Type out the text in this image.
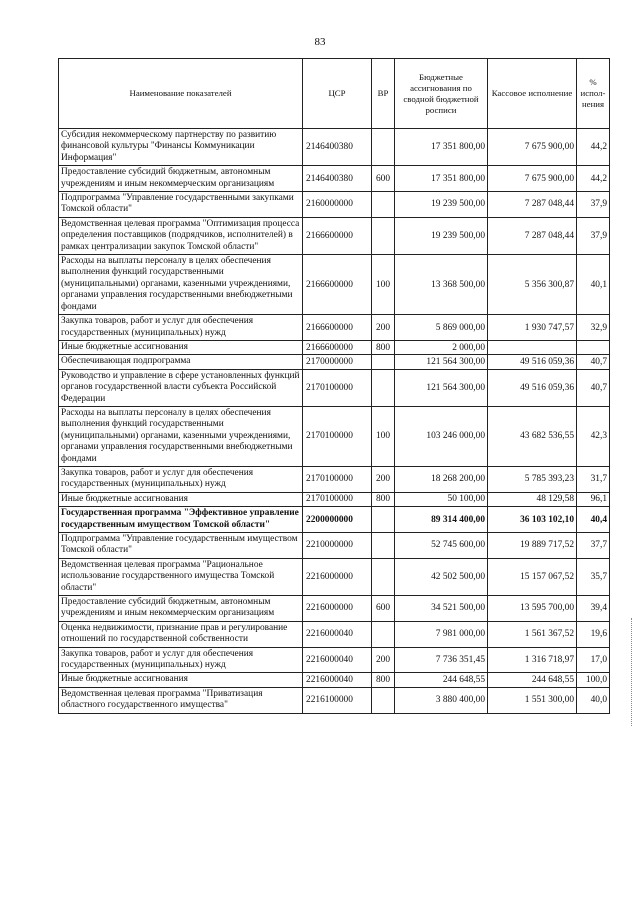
83
Наименование показателей	ЦСР	ВР	Бюджетные ассигнования по сводной бюджетной росписи	Кассовое исполнение	% испол-нения
Субсидия некоммерческому партнерству по развитию финансовой культуры "Финансы Коммуникации Информация"	2146400380		17 351 800,00	7 675 900,00	44,2
Предоставление субсидий бюджетным, автономным учреждениям и иным некоммерческим организациям	2146400380	600	17 351 800,00	7 675 900,00	44,2
Подпрограмма "Управление государственными закупками Томской области"	2160000000		19 239 500,00	7 287 048,44	37,9
Ведомственная целевая программа "Оптимизация процесса определения поставщиков (подрядчиков, исполнителей) в рамках централизации закупок Томской области"	2166600000		19 239 500,00	7 287 048,44	37,9
Расходы на выплаты персоналу в целях обеспечения выполнения функций государственными (муниципальными) органами, казенными учреждениями, органами управления государственными внебюджетными фондами	2166600000	100	13 368 500,00	5 356 300,87	40,1
Закупка товаров, работ и услуг для обеспечения государственных (муниципальных) нужд	2166600000	200	5 869 000,00	1 930 747,57	32,9
Иные бюджетные ассигнования	2166600000	800	2 000,00		
Обеспечивающая подпрограмма	2170000000		121 564 300,00	49 516 059,36	40,7
Руководство и управление в сфере установленных функций органов государственной власти субъекта Российской Федерации	2170100000		121 564 300,00	49 516 059,36	40,7
Расходы на выплаты персоналу в целях обеспечения выполнения функций государственными (муниципальными) органами, казенными учреждениями, органами управления государственными внебюджетными фондами	2170100000	100	103 246 000,00	43 682 536,55	42,3
Закупка товаров, работ и услуг для обеспечения государственных (муниципальных) нужд	2170100000	200	18 268 200,00	5 785 393,23	31,7
Иные бюджетные ассигнования	2170100000	800	50 100,00	48 129,58	96,1
Государственная программа "Эффективное управление государственным имуществом Томской области"	2200000000		89 314 400,00	36 103 102,10	40,4
Подпрограмма "Управление государственным имуществом Томской области"	2210000000		52 745 600,00	19 889 717,52	37,7
Ведомственная целевая программа "Рациональное использование государственного имущества Томской области"	2216000000		42 502 500,00	15 157 067,52	35,7
Предоставление субсидий бюджетным, автономным учреждениям и иным некоммерческим организациям	2216000000	600	34 521 500,00	13 595 700,00	39,4
Оценка недвижимости, признание прав и регулирование отношений по государственной собственности	2216000040		7 981 000,00	1 561 367,52	19,6
Закупка товаров, работ и услуг для обеспечения государственных (муниципальных) нужд	2216000040	200	7 736 351,45	1 316 718,97	17,0
Иные бюджетные ассигнования	2216000040	800	244 648,55	244 648,55	100,0
Ведомственная целевая программа "Приватизация областного государственного имущества"	2216100000		3 880 400,00	1 551 300,00	40,0
